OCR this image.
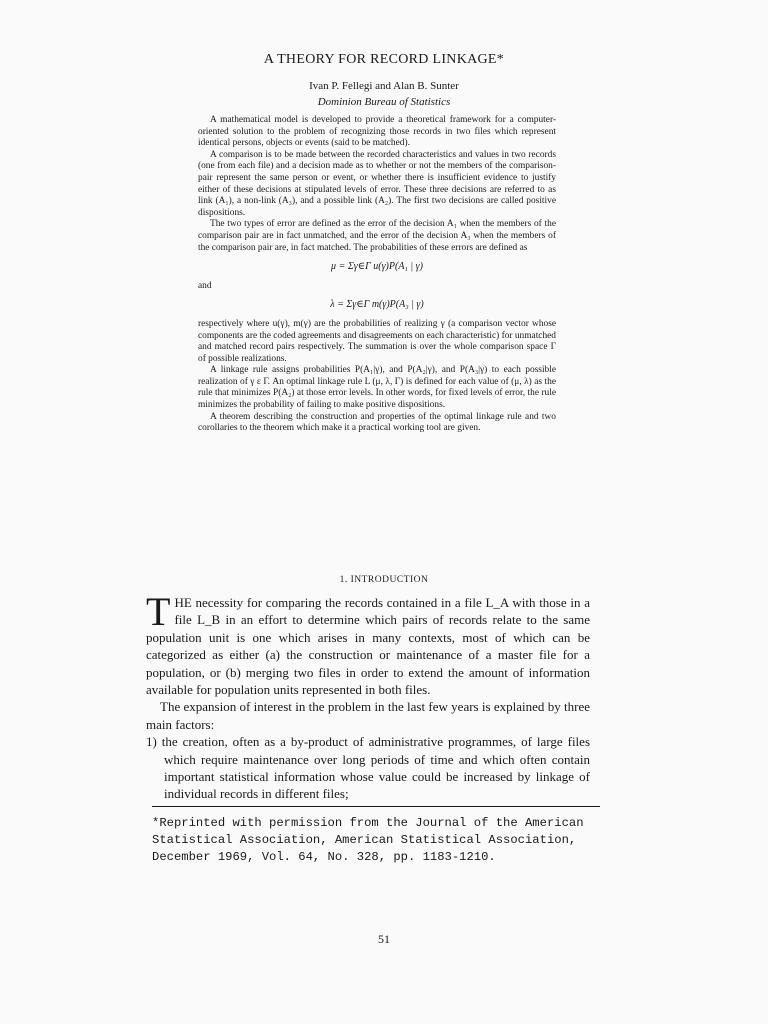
A THEORY FOR RECORD LINKAGE*
Ivan P. Fellegi and Alan B. Sunter
Dominion Bureau of Statistics

A mathematical model is developed to provide a theoretical framework for a computer-oriented solution to the problem of recognizing those records in two files which represent identical persons, objects or events (said to be matched).

A comparison is to be made between the recorded characteristics and values in two records (one from each file) and a decision made as to whether or not the members of the comparison-pair represent the same person or event, or whether there is insufficient evidence to justify either of these decisions at stipulated levels of error. These three decisions are referred to as link (A₁), a non-link (A₃), and a possible link (A₂). The first two decisions are called positive dispositions.

The two types of error are defined as the error of the decision A₁ when the members of the comparison pair are in fact unmatched, and the error of the decision A₃ when the members of the comparison pair are, in fact matched. The probabilities of these errors are defined as

μ = Σγ∈Γ u(γ)P(A₁ | γ)

and

λ = Σγ∈Γ m(γ)P(A₃ | γ)

respectively where u(γ), m(γ) are the probabilities of realizing γ (a comparison vector whose components are the coded agreements and disagreements on each characteristic) for unmatched and matched record pairs respectively. The summation is over the whole comparison space Γ of possible realizations.

A linkage rule assigns probabilities P(A₁|γ), and P(A₂|γ), and P(A₃|γ) to each possible realization of γ ε Γ. An optimal linkage rule L (μ, λ, Γ) is defined for each value of (μ, λ) as the rule that minimizes P(A₂) at those error levels. In other words, for fixed levels of error, the rule minimizes the probability of failing to make positive dispositions.

A theorem describing the construction and properties of the optimal linkage rule and two corollaries to the theorem which make it a practical working tool are given.

1. INTRODUCTION

T HE necessity for comparing the records contained in a file L_A with those in a file L_B in an effort to determine which pairs of records relate to the same population unit is one which arises in many contexts, most of which can be categorized as either (a) the construction or maintenance of a master file for a population, or (b) merging two files in order to extend the amount of information available for population units represented in both files.

The expansion of interest in the problem in the last few years is explained by three main factors:

1) the creation, often as a by-product of administrative programmes, of large files which require maintenance over long periods of time and which often contain important statistical information whose value could be increased by linkage of individual records in different files;

*Reprinted with permission from the Journal of the American Statistical Association, American Statistical Association, December 1969, Vol. 64, No. 328, pp. 1183-1210.
51
